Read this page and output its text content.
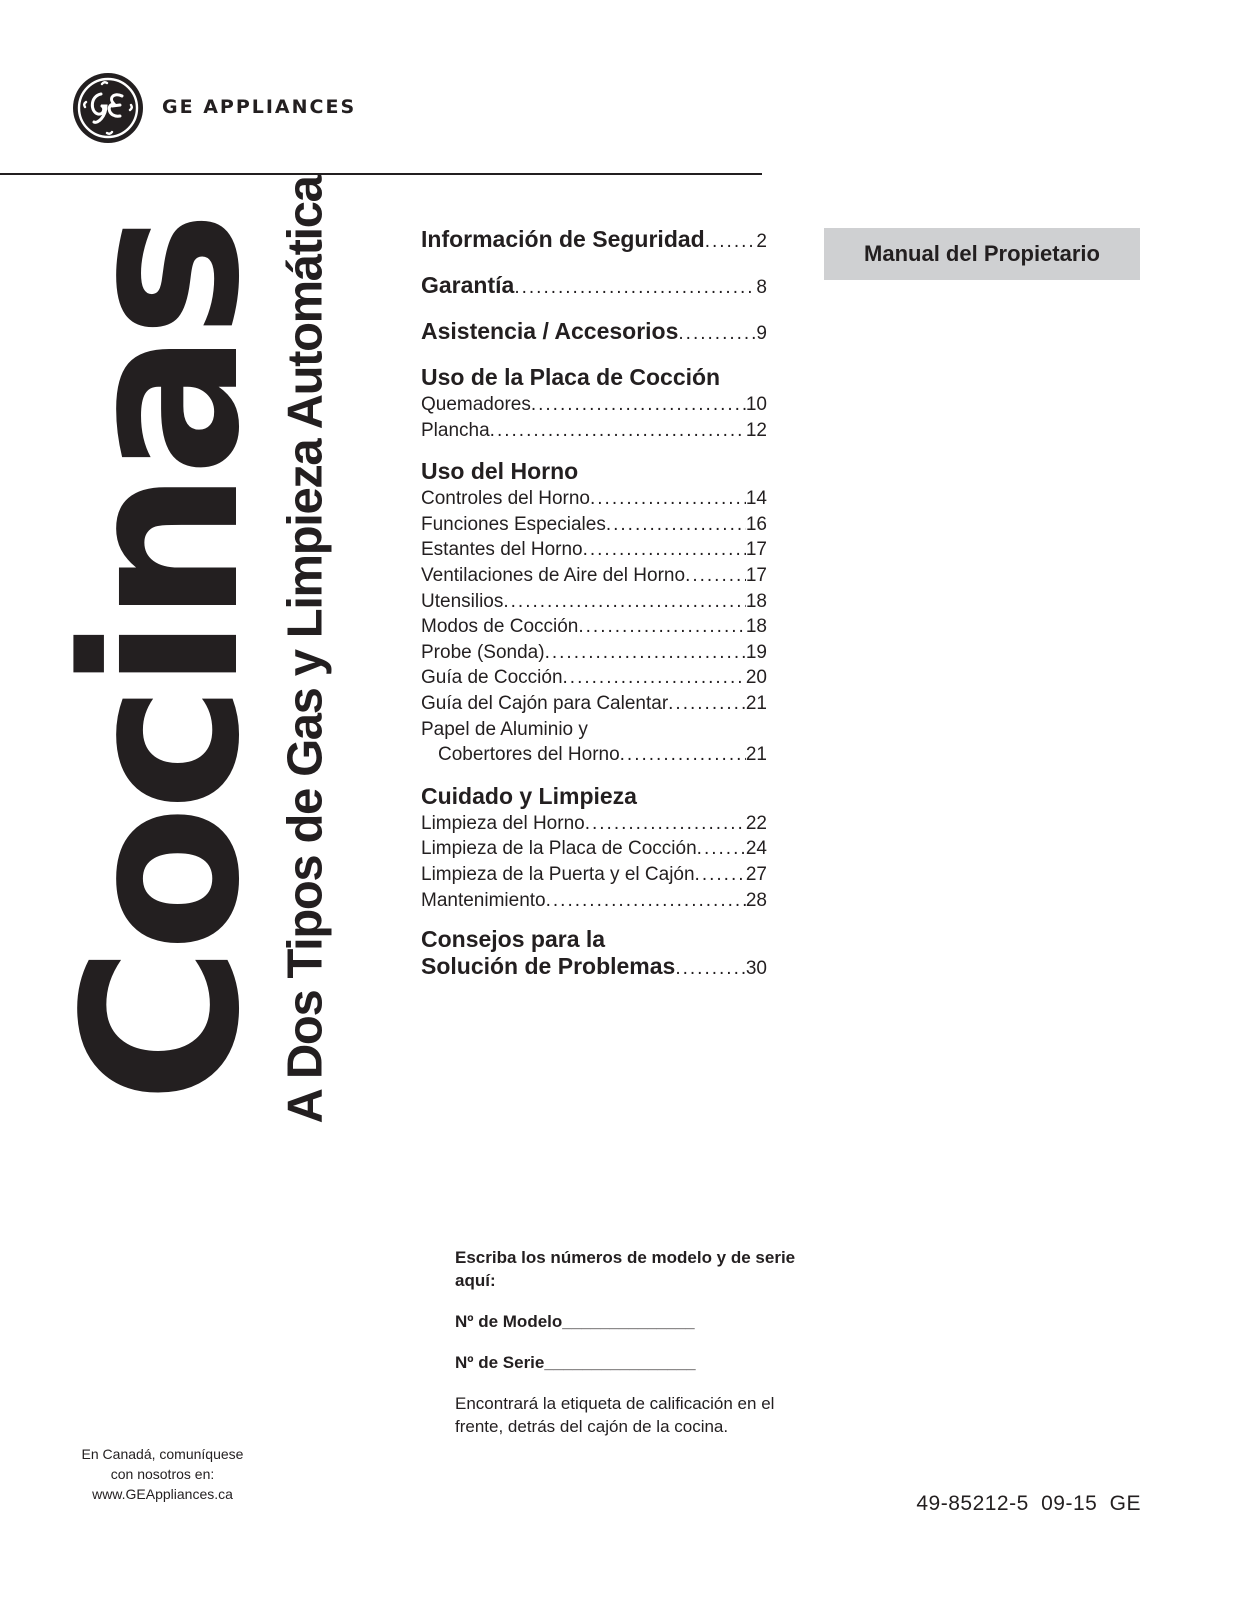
GE APPLIANCES
Cocinas
A Dos Tipos de Gas y Limpieza Automática	Manual del Propietario
Información de Seguridad .....	2
Garantía .....	8
Asistencia / Accesorios .....	9
Uso de la Placa de Cocción
Quemadores .....	10
Plancha .....	12
Uso del Horno
Controles del Horno .....	14
Funciones Especiales .....	16
Estantes del Horno .....	17
Ventilaciones de Aire del Horno .....	17
Utensilios .....	18
Modos de Cocción .....	18
Probe (Sonda) .....	19
Guía de Cocción .....	20
Guía del Cajón para Calentar .....	21
Papel de Aluminio y
Cobertores del Horno .....	21
Cuidado y Limpieza
Limpieza del Horno .....	22
Limpieza de la Placa de Cocción .....	24
Limpieza de la Puerta y el Cajón .....	27
Mantenimiento .....	28
Consejos para la
Solución de Problemas .....	30
Escriba los números de modelo y de serie aquí:
Nº de Modelo______________
Nº de Serie________________
Encontrará la etiqueta de calificación en el frente, detrás del cajón de la cocina.
En Canadá, comuníquese
con nosotros en:
www.GEAppliances.ca	49-85212-5 09-15 GE
